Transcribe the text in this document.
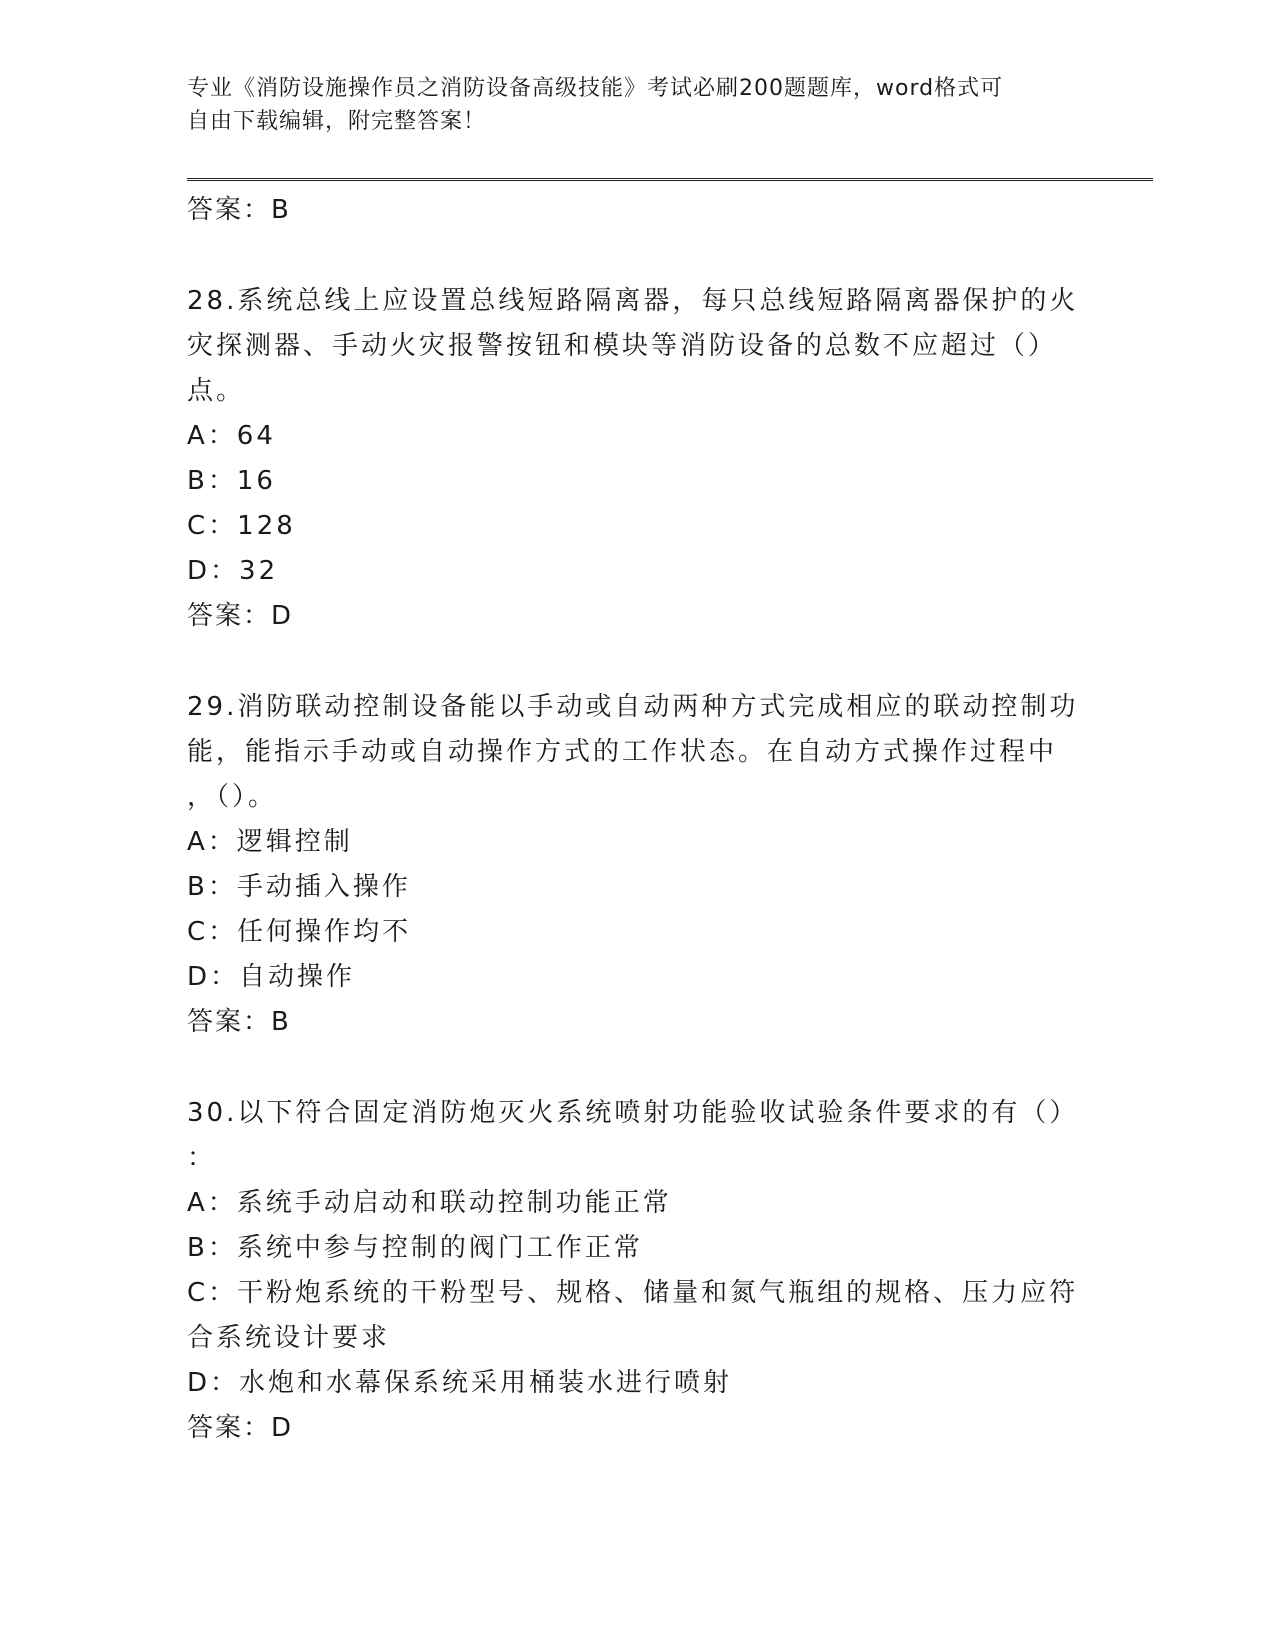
专业《消防设施操作员之消防设备高级技能》考试必刷200题题库，word格式可
自由下载编辑，附完整答案！
答案：B
28.系统总线上应设置总线短路隔离器，每只总线短路隔离器保护的火
灾探测器、手动火灾报警按钮和模块等消防设备的总数不应超过（）
点。
A：64
B：16
C：128
D：32
答案：D
29.消防联动控制设备能以手动或自动两种方式完成相应的联动控制功
能，能指示手动或自动操作方式的工作状态。在自动方式操作过程中
，（）。
A：逻辑控制
B：手动插入操作
C：任何操作均不
D：自动操作
答案：B
30.以下符合固定消防炮灭火系统喷射功能验收试验条件要求的有（）
：
A：系统手动启动和联动控制功能正常
B：系统中参与控制的阀门工作正常
C：干粉炮系统的干粉型号、规格、储量和氮气瓶组的规格、压力应符
合系统设计要求
D：水炮和水幕保系统采用桶装水进行喷射
答案：D
